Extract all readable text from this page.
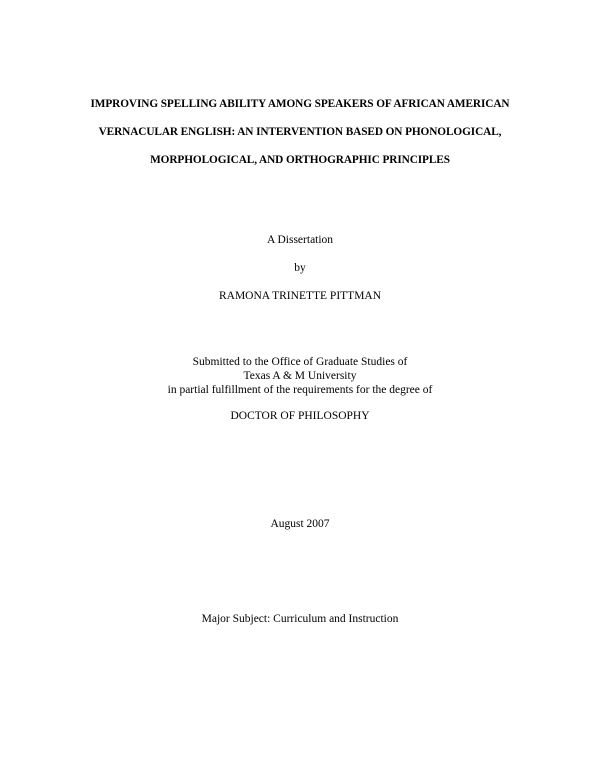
IMPROVING SPELLING ABILITY AMONG SPEAKERS OF AFRICAN AMERICAN
VERNACULAR ENGLISH: AN INTERVENTION BASED ON PHONOLOGICAL,
MORPHOLOGICAL, AND ORTHOGRAPHIC PRINCIPLES
A Dissertation
by
RAMONA TRINETTE PITTMAN
Submitted to the Office of Graduate Studies of
Texas A & M University
in partial fulfillment of the requirements for the degree of
DOCTOR OF PHILOSOPHY
August 2007
Major Subject: Curriculum and Instruction
